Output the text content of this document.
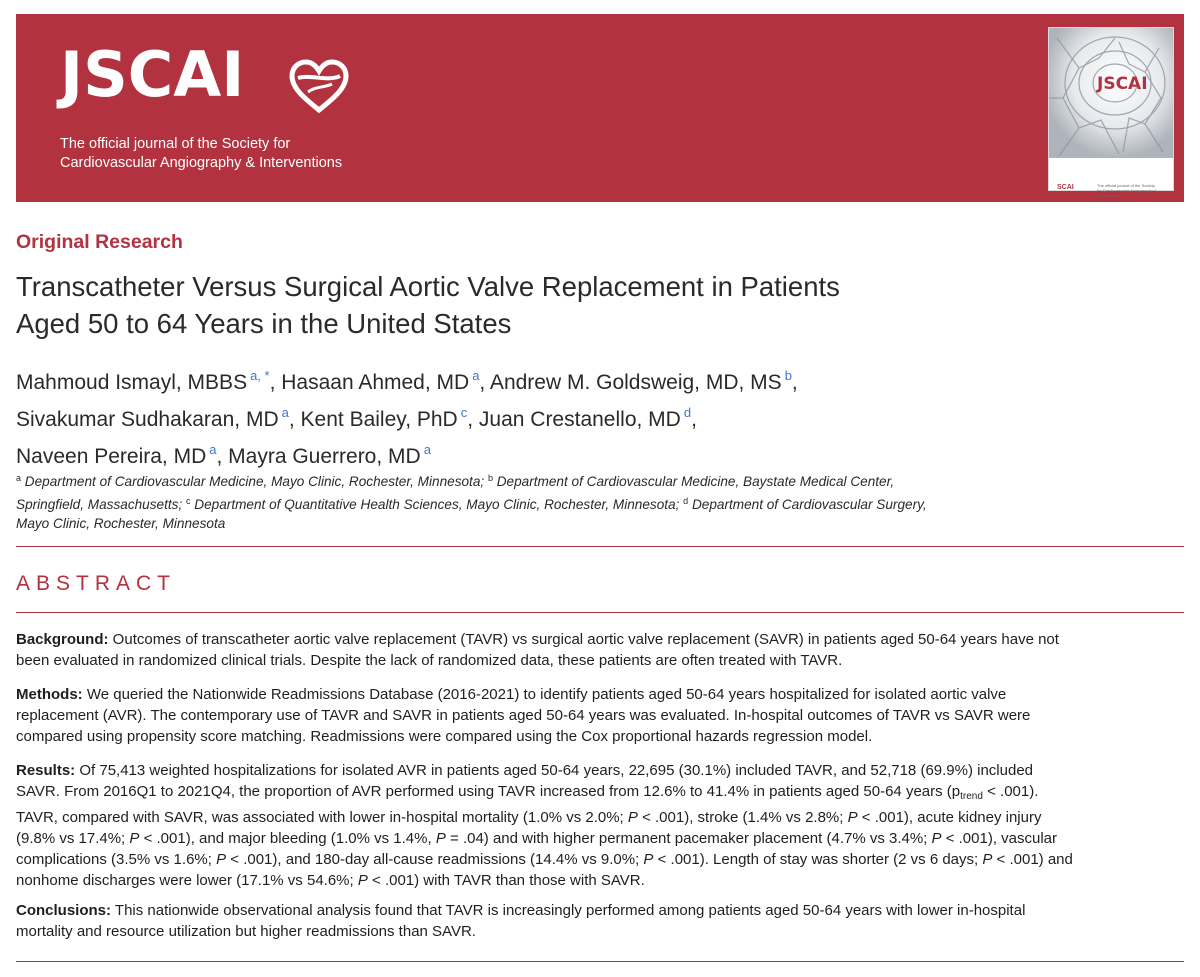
JSCAI
The official journal of the Society for
Cardiovascular Angiography & Interventions
JSCAI
SCAI	The official journal of the Society for Cardiovascular Angiography & Interventions
Original Research
Transcatheter Versus Surgical Aortic Valve Replacement in Patients
Aged 50 to 64 Years in the United States
Mahmoud Ismayl, MBBS $^{a, *}$, Hasaan Ahmed, MD $^a$, Andrew M. Goldsweig, MD, MS $^b$,
Sivakumar Sudhakaran, MD $^a$, Kent Bailey, PhD $^c$, Juan Crestanello, MD $^d$,
Naveen Pereira, MD $^a$, Mayra Guerrero, MD $^a$
$^a$ Department of Cardiovascular Medicine, Mayo Clinic, Rochester, Minnesota; $^b$ Department of Cardiovascular Medicine, Baystate Medical Center,
Springfield, Massachusetts; $^c$ Department of Quantitative Health Sciences, Mayo Clinic, Rochester, Minnesota; $^d$ Department of Cardiovascular Surgery,
Mayo Clinic, Rochester, Minnesota
ABSTRACT
Background: Outcomes of transcatheter aortic valve replacement (TAVR) vs surgical aortic valve replacement (SAVR) in patients aged 50-64 years have not
been evaluated in randomized clinical trials. Despite the lack of randomized data, these patients are often treated with TAVR.
Methods: We queried the Nationwide Readmissions Database (2016-2021) to identify patients aged 50-64 years hospitalized for isolated aortic valve
replacement (AVR). The contemporary use of TAVR and SAVR in patients aged 50-64 years was evaluated. In-hospital outcomes of TAVR vs SAVR were
compared using propensity score matching. Readmissions were compared using the Cox proportional hazards regression model.
Results: Of 75,413 weighted hospitalizations for isolated AVR in patients aged 50-64 years, 22,695 (30.1%) included TAVR, and 52,718 (69.9%) included
SAVR. From 2016Q1 to 2021Q4, the proportion of AVR performed using TAVR increased from 12.6% to 41.4% in patients aged 50-64 years $(p_{trend} < .001)$.
TAVR, compared with SAVR, was associated with lower in-hospital mortality (1.0% vs 2.0%; P < .001), stroke (1.4% vs 2.8%; P < .001), acute kidney injury
(9.8% vs 17.4%; P < .001), and major bleeding (1.0% vs 1.4%, P = .04) and with higher permanent pacemaker placement (4.7% vs 3.4%; P < .001), vascular
complications (3.5% vs 1.6%; P < .001), and 180-day all-cause readmissions (14.4% vs 9.0%; P < .001). Length of stay was shorter (2 vs 6 days; P < .001) and
nonhome discharges were lower (17.1% vs 54.6%; P < .001) with TAVR than those with SAVR.
Conclusions: This nationwide observational analysis found that TAVR is increasingly performed among patients aged 50-64 years with lower in-hospital
mortality and resource utilization but higher readmissions than SAVR.
